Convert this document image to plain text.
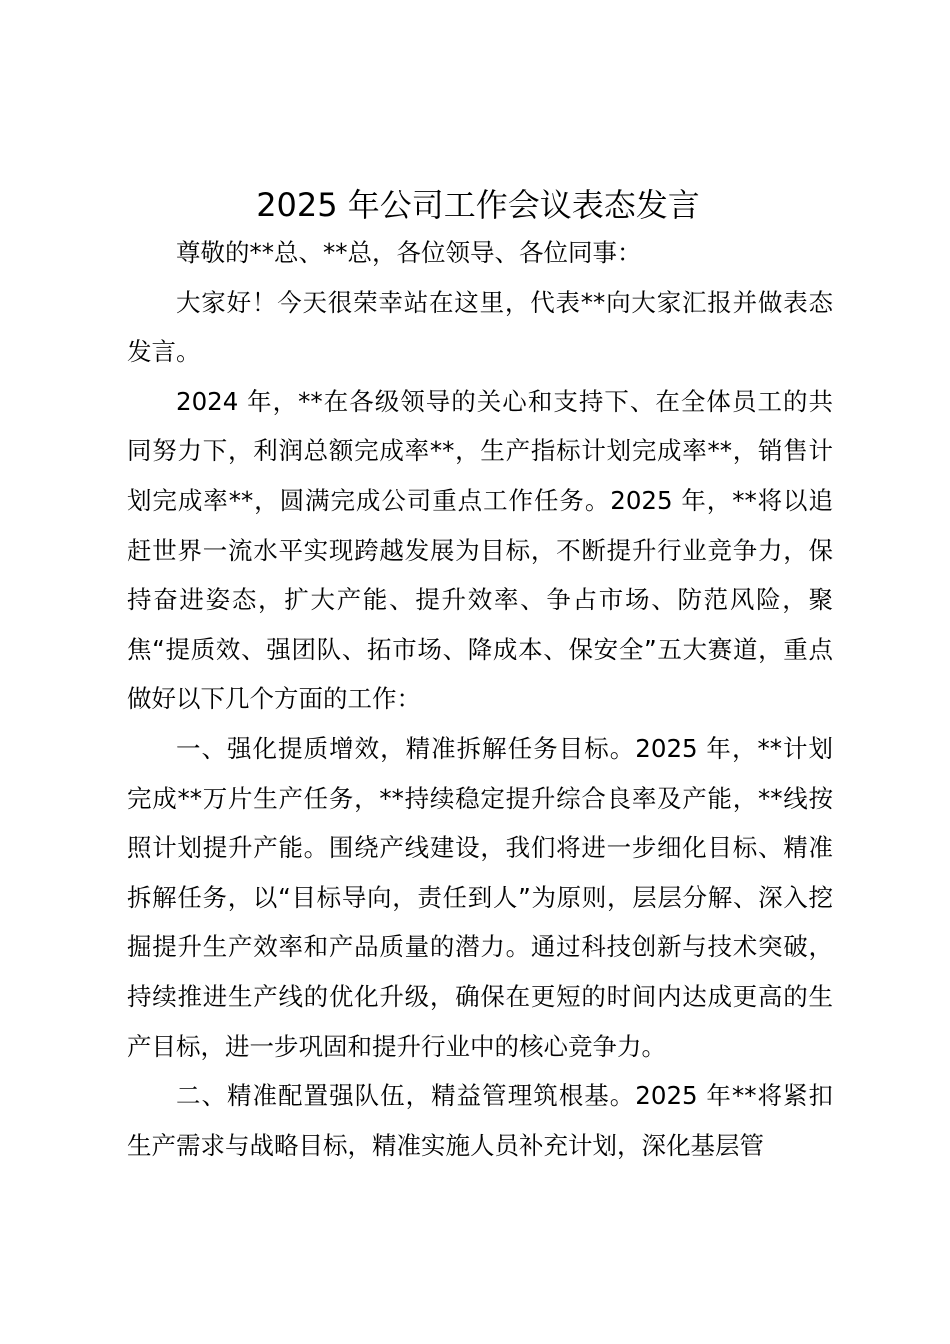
2025 年公司工作会议表态发言

尊敬的**总、**总，各位领导、各位同事：

大家好！今天很荣幸站在这里，代表**向大家汇报并做表态发言。

2024 年，**在各级领导的关心和支持下、在全体员工的共同努力下，利润总额完成率**，生产指标计划完成率**，销售计划完成率**，圆满完成公司重点工作任务。2025 年，**将以追赶世界一流水平实现跨越发展为目标，不断提升行业竞争力，保持奋进姿态，扩大产能、提升效率、争占市场、防范风险，聚焦“提质效、强团队、拓市场、降成本、保安全”五大赛道，重点做好以下几个方面的工作：

一、强化提质增效，精准拆解任务目标。2025 年，**计划完成**万片生产任务，**持续稳定提升综合良率及产能，**线按照计划提升产能。围绕产线建设，我们将进一步细化目标、精准拆解任务，以“目标导向，责任到人”为原则，层层分解、深入挖掘提升生产效率和产品质量的潜力。通过科技创新与技术突破，持续推进生产线的优化升级，确保在更短的时间内达成更高的生产目标，进一步巩固和提升行业中的核心竞争力。

二、精准配置强队伍，精益管理筑根基。2025 年**将紧扣生产需求与战略目标，精准实施人员补充计划，深化基层管
